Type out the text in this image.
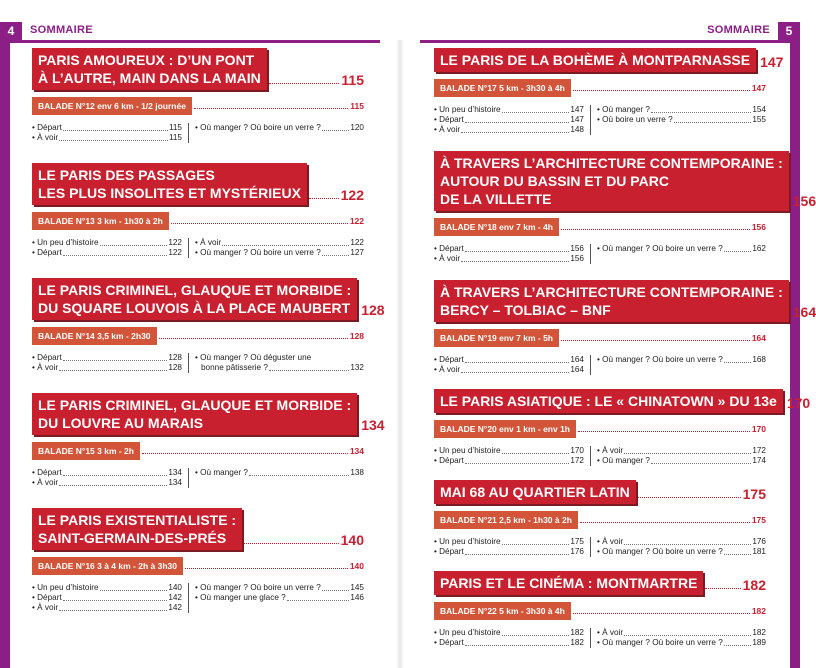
4	SOMMAIRE	SOMMAIRE	5
PARIS AMOUREUX : D’UN PONT
À L’AUTRE, MAIN DANS LA MAIN	115
BALADE N°12 env 6 km - 1/2 journée	115
• Départ	115
• À voir	115
• Où manger ? Où boire un verre ?	120
LE PARIS DES PASSAGES
LES PLUS INSOLITES ET MYSTÉRIEUX	122
BALADE N°13 3 km - 1h30 à 2h	122
• Un peu d’histoire	122
• Départ	122
• À voir	122
• Où manger ? Où boire un verre ?	127
LE PARIS CRIMINEL, GLAUQUE ET MORBIDE :
DU SQUARE LOUVOIS À LA PLACE MAUBERT 128
BALADE N°14 3,5 km - 2h30	128
• Départ	128
• À voir	128
• Où manger ? Où déguster une
bonne pâtisserie ?	132
LE PARIS CRIMINEL, GLAUQUE ET MORBIDE :
DU LOUVRE AU MARAIS	134
BALADE N°15 3 km - 2h	134
• Départ	134
• À voir	134
• Où manger ?	138
LE PARIS EXISTENTIALISTE :
SAINT-GERMAIN-DES-PRÉS	140
BALADE N°16 3 à 4 km - 2h à 3h30	140
• Un peu d’histoire	140
• Départ	142
• À voir	142
• Où manger ? Où boire un verre ?	145
• Où manger une glace ?	146
LE PARIS DE LA BOHÈME À MONTPARNASSE 147
BALADE N°17 5 km - 3h30 à 4h	147
• Un peu d’histoire	147
• Départ	147
• À voir	148
• Où manger ?	154
• Où boire un verre ?	155
À TRAVERS L’ARCHITECTURE CONTEMPORAINE :
AUTOUR DU BASSIN ET DU PARC
DE LA VILLETTE	156
BALADE N°18 env 7 km - 4h	156
• Départ	156
• À voir	156
• Où manger ? Où boire un verre ?	162
À TRAVERS L’ARCHITECTURE CONTEMPORAINE :
BERCY – TOLBIAC – BNF	164
BALADE N°19 env 7 km - 5h	164
• Départ	164
• À voir	164
• Où manger ? Où boire un verre ?	168
LE PARIS ASIATIQUE : LE « CHINATOWN » DU 13e 170
BALADE N°20 env 1 km - env 1h	170
• Un peu d’histoire	170
• Départ	172
• À voir	172
• Où manger ?	174
MAI 68 AU QUARTIER LATIN	175
BALADE N°21 2,5 km - 1h30 à 2h	175
• Un peu d’histoire	175
• Départ	176
• À voir	176
• Où manger ? Où boire un verre ?	181
PARIS ET LE CINÉMA : MONTMARTRE	182
BALADE N°22 5 km - 3h30 à 4h	182
• Un peu d’histoire	182
• Départ	182
• À voir	182
• Où manger ? Où boire un verre ?	189
